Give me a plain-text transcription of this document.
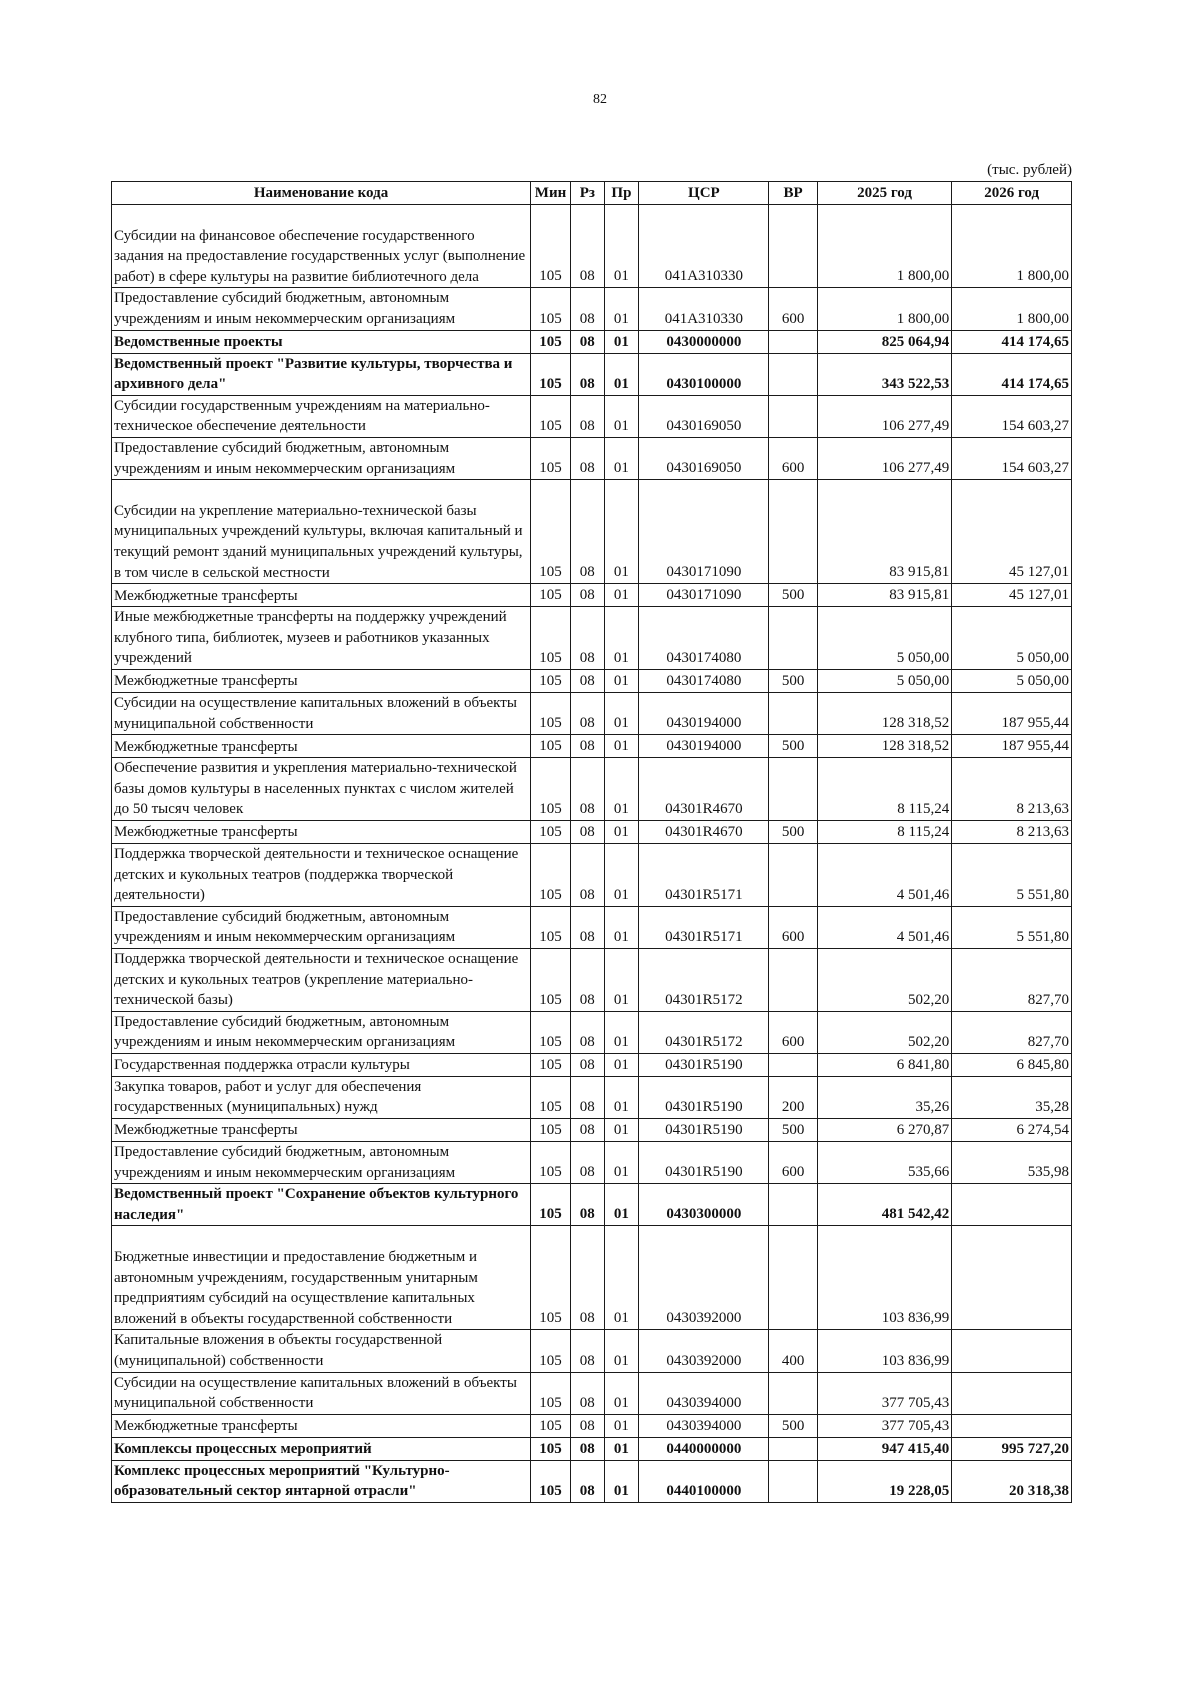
82
(тыс. рублей)
Наименование кода	Мин	Рз	Пр	ЦСР	ВР	2025 год	2026 год
Субсидии на финансовое обеспечение государственного задания на предоставление государственных услуг (выполнение работ) в сфере культуры на развитие библиотечного дела	105	08	01	041A310330		1 800,00	1 800,00
Предоставление субсидий бюджетным, автономным учреждениям и иным некоммерческим организациям	105	08	01	041A310330	600	1 800,00	1 800,00
Ведомственные проекты	105	08	01	0430000000		825 064,94	414 174,65
Ведомственный проект "Развитие культуры, творчества и архивного дела"	105	08	01	0430100000		343 522,53	414 174,65
Субсидии государственным учреждениям на материально-техническое обеспечение деятельности	105	08	01	0430169050		106 277,49	154 603,27
Предоставление субсидий бюджетным, автономным учреждениям и иным некоммерческим организациям	105	08	01	0430169050	600	106 277,49	154 603,27
Субсидии на укрепление материально-технической базы муниципальных учреждений культуры, включая капитальный и текущий ремонт зданий муниципальных учреждений культуры, в том числе в сельской местности	105	08	01	0430171090		83 915,81	45 127,01
Межбюджетные трансферты	105	08	01	0430171090	500	83 915,81	45 127,01
Иные межбюджетные трансферты на поддержку учреждений клубного типа, библиотек, музеев и работников указанных учреждений	105	08	01	0430174080		5 050,00	5 050,00
Межбюджетные трансферты	105	08	01	0430174080	500	5 050,00	5 050,00
Субсидии на осуществление капитальных вложений в объекты муниципальной собственности	105	08	01	0430194000		128 318,52	187 955,44
Межбюджетные трансферты	105	08	01	0430194000	500	128 318,52	187 955,44
Обеспечение развития и укрепления материально-технической базы домов культуры в населенных пунктах с числом жителей до 50 тысяч человек	105	08	01	04301R4670		8 115,24	8 213,63
Межбюджетные трансферты	105	08	01	04301R4670	500	8 115,24	8 213,63
Поддержка творческой деятельности и техническое оснащение детских и кукольных театров (поддержка творческой деятельности)	105	08	01	04301R5171		4 501,46	5 551,80
Предоставление субсидий бюджетным, автономным учреждениям и иным некоммерческим организациям	105	08	01	04301R5171	600	4 501,46	5 551,80
Поддержка творческой деятельности и техническое оснащение детских и кукольных театров (укрепление материально-технической базы)	105	08	01	04301R5172		502,20	827,70
Предоставление субсидий бюджетным, автономным учреждениям и иным некоммерческим организациям	105	08	01	04301R5172	600	502,20	827,70
Государственная поддержка отрасли культуры	105	08	01	04301R5190		6 841,80	6 845,80
Закупка товаров, работ и услуг для обеспечения государственных (муниципальных) нужд	105	08	01	04301R5190	200	35,26	35,28
Межбюджетные трансферты	105	08	01	04301R5190	500	6 270,87	6 274,54
Предоставление субсидий бюджетным, автономным учреждениям и иным некоммерческим организациям	105	08	01	04301R5190	600	535,66	535,98
Ведомственный проект "Сохранение объектов культурного наследия"	105	08	01	0430300000		481 542,42	
Бюджетные инвестиции и предоставление бюджетным и автономным учреждениям, государственным унитарным предприятиям субсидий на осуществление капитальных вложений в объекты государственной собственности	105	08	01	0430392000		103 836,99	
Капитальные вложения в объекты государственной (муниципальной) собственности	105	08	01	0430392000	400	103 836,99	
Субсидии на осуществление капитальных вложений в объекты муниципальной собственности	105	08	01	0430394000		377 705,43	
Межбюджетные трансферты	105	08	01	0430394000	500	377 705,43	
Комплексы процессных мероприятий	105	08	01	0440000000		947 415,40	995 727,20
Комплекс процессных мероприятий "Культурно-образовательный сектор янтарной отрасли"	105	08	01	0440100000		19 228,05	20 318,38
